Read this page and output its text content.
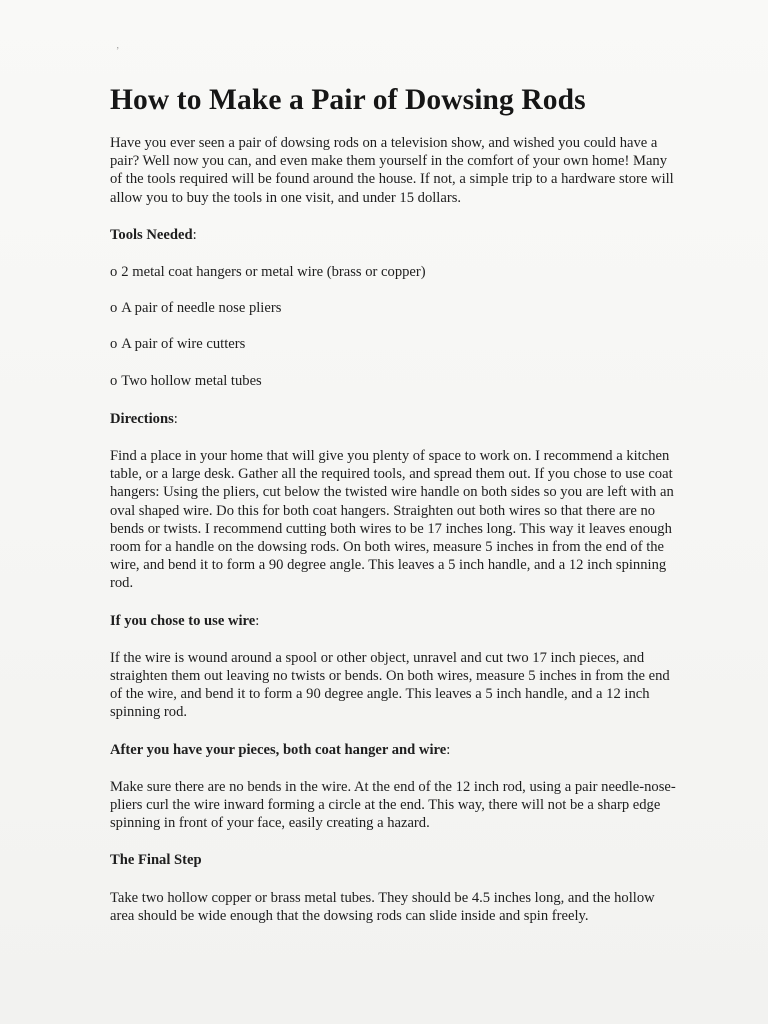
’
How to Make a Pair of Dowsing Rods

Have you ever seen a pair of dowsing rods on a television show, and wished you could have a pair? Well now you can, and even make them yourself in the comfort of your own home! Many of the tools required will be found around the house. If not, a simple trip to a hardware store will allow you to buy the tools in one visit, and under 15 dollars.

Tools Needed:

o 2 metal coat hangers or metal wire (brass or copper)

o A pair of needle nose pliers

o A pair of wire cutters

o Two hollow metal tubes

Directions:

Find a place in your home that will give you plenty of space to work on. I recommend a kitchen table, or a large desk. Gather all the required tools, and spread them out. If you chose to use coat hangers: Using the pliers, cut below the twisted wire handle on both sides so you are left with an oval shaped wire. Do this for both coat hangers. Straighten out both wires so that there are no bends or twists. I recommend cutting both wires to be 17 inches long. This way it leaves enough room for a handle on the dowsing rods. On both wires, measure 5 inches in from the end of the wire, and bend it to form a 90 degree angle. This leaves a 5 inch handle, and a 12 inch spinning rod.

If you chose to use wire:

If the wire is wound around a spool or other object, unravel and cut two 17 inch pieces, and straighten them out leaving no twists or bends. On both wires, measure 5 inches in from the end of the wire, and bend it to form a 90 degree angle. This leaves a 5 inch handle, and a 12 inch spinning rod.

After you have your pieces, both coat hanger and wire:

Make sure there are no bends in the wire. At the end of the 12 inch rod, using a pair needle-nose-pliers curl the wire inward forming a circle at the end. This way, there will not be a sharp edge spinning in front of your face, easily creating a hazard.

The Final Step

Take two hollow copper or brass metal tubes. They should be 4.5 inches long, and the hollow area should be wide enough that the dowsing rods can slide inside and spin freely.
